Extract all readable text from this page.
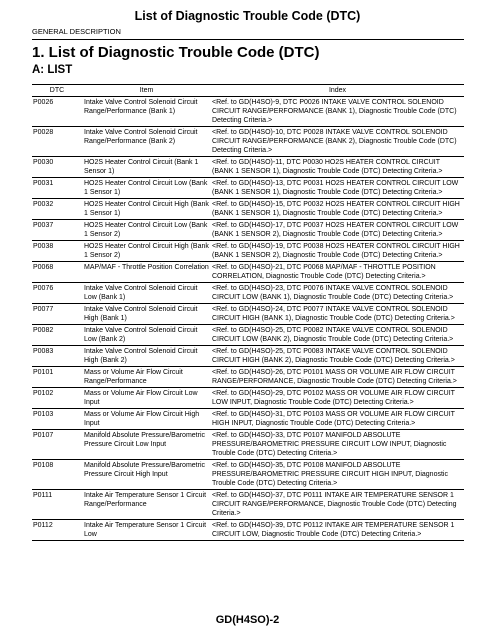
List of Diagnostic Trouble Code (DTC)
GENERAL DESCRIPTION
1. List of Diagnostic Trouble Code (DTC)
A: LIST
DTC	Item	Index
P0026	Intake Valve Control Solenoid Circuit Range/Performance (Bank 1)	<Ref. to GD(H4SO)-9, DTC P0026 INTAKE VALVE CONTROL SOLENOID CIRCUIT RANGE/PERFORMANCE (BANK 1), Diagnostic Trouble Code (DTC) Detecting Criteria.>
P0028	Intake Valve Control Solenoid Circuit Range/Performance (Bank 2)	<Ref. to GD(H4SO)-10, DTC P0028 INTAKE VALVE CONTROL SOLENOID CIRCUIT RANGE/PERFORMANCE (BANK 2), Diagnostic Trouble Code (DTC) Detecting Criteria.>
P0030	HO2S Heater Control Circuit (Bank 1 Sensor 1)	<Ref. to GD(H4SO)-11, DTC P0030 HO2S HEATER CONTROL CIRCUIT (BANK 1 SENSOR 1), Diagnostic Trouble Code (DTC) Detecting Criteria.>
P0031	HO2S Heater Control Circuit Low (Bank 1 Sensor 1)	<Ref. to GD(H4SO)-13, DTC P0031 HO2S HEATER CONTROL CIRCUIT LOW (BANK 1 SENSOR 1), Diagnostic Trouble Code (DTC) Detecting Criteria.>
P0032	HO2S Heater Control Circuit High (Bank 1 Sensor 1)	<Ref. to GD(H4SO)-15, DTC P0032 HO2S HEATER CONTROL CIRCUIT HIGH (BANK 1 SENSOR 1), Diagnostic Trouble Code (DTC) Detecting Criteria.>
P0037	HO2S Heater Control Circuit Low (Bank 1 Sensor 2)	<Ref. to GD(H4SO)-17, DTC P0037 HO2S HEATER CONTROL CIRCUIT LOW (BANK 1 SENSOR 2), Diagnostic Trouble Code (DTC) Detecting Criteria.>
P0038	HO2S Heater Control Circuit High (Bank 1 Sensor 2)	<Ref. to GD(H4SO)-19, DTC P0038 HO2S HEATER CONTROL CIRCUIT HIGH (BANK 1 SENSOR 2), Diagnostic Trouble Code (DTC) Detecting Criteria.>
P0068	MAP/MAF - Throttle Position Correlation	<Ref. to GD(H4SO)-21, DTC P0068 MAP/MAF - THROTTLE POSITION CORRELATION, Diagnostic Trouble Code (DTC) Detecting Criteria.>
P0076	Intake Valve Control Solenoid Circuit Low (Bank 1)	<Ref. to GD(H4SO)-23, DTC P0076 INTAKE VALVE CONTROL SOLENOID CIRCUIT LOW (BANK 1), Diagnostic Trouble Code (DTC) Detecting Criteria.>
P0077	Intake Valve Control Solenoid Circuit High (Bank 1)	<Ref. to GD(H4SO)-24, DTC P0077 INTAKE VALVE CONTROL SOLENOID CIRCUIT HIGH (BANK 1), Diagnostic Trouble Code (DTC) Detecting Criteria.>
P0082	Intake Valve Control Solenoid Circuit Low (Bank 2)	<Ref. to GD(H4SO)-25, DTC P0082 INTAKE VALVE CONTROL SOLENOID CIRCUIT LOW (BANK 2), Diagnostic Trouble Code (DTC) Detecting Criteria.>
P0083	Intake Valve Control Solenoid Circuit High (Bank 2)	<Ref. to GD(H4SO)-25, DTC P0083 INTAKE VALVE CONTROL SOLENOID CIRCUIT HIGH (BANK 2), Diagnostic Trouble Code (DTC) Detecting Criteria.>
P0101	Mass or Volume Air Flow Circuit Range/Performance	<Ref. to GD(H4SO)-26, DTC P0101 MASS OR VOLUME AIR FLOW CIRCUIT RANGE/PERFORMANCE, Diagnostic Trouble Code (DTC) Detecting Criteria.>
P0102	Mass or Volume Air Flow Circuit Low Input	<Ref. to GD(H4SO)-29, DTC P0102 MASS OR VOLUME AIR FLOW CIRCUIT LOW INPUT, Diagnostic Trouble Code (DTC) Detecting Criteria.>
P0103	Mass or Volume Air Flow Circuit High Input	<Ref. to GD(H4SO)-31, DTC P0103 MASS OR VOLUME AIR FLOW CIRCUIT HIGH INPUT, Diagnostic Trouble Code (DTC) Detecting Criteria.>
P0107	Manifold Absolute Pressure/Barometric Pressure Circuit Low Input	<Ref. to GD(H4SO)-33, DTC P0107 MANIFOLD ABSOLUTE PRESSURE/BAROMETRIC PRESSURE CIRCUIT LOW INPUT, Diagnostic Trouble Code (DTC) Detecting Criteria.>
P0108	Manifold Absolute Pressure/Barometric Pressure Circuit High Input	<Ref. to GD(H4SO)-35, DTC P0108 MANIFOLD ABSOLUTE PRESSURE/BAROMETRIC PRESSURE CIRCUIT HIGH INPUT, Diagnostic Trouble Code (DTC) Detecting Criteria.>
P0111	Intake Air Temperature Sensor 1 Circuit Range/Performance	<Ref. to GD(H4SO)-37, DTC P0111 INTAKE AIR TEMPERATURE SENSOR 1 CIRCUIT RANGE/PERFORMANCE, Diagnostic Trouble Code (DTC) Detecting Criteria.>
P0112	Intake Air Temperature Sensor 1 Circuit Low	<Ref. to GD(H4SO)-39, DTC P0112 INTAKE AIR TEMPERATURE SENSOR 1 CIRCUIT LOW, Diagnostic Trouble Code (DTC) Detecting Criteria.>
GD(H4SO)-2
